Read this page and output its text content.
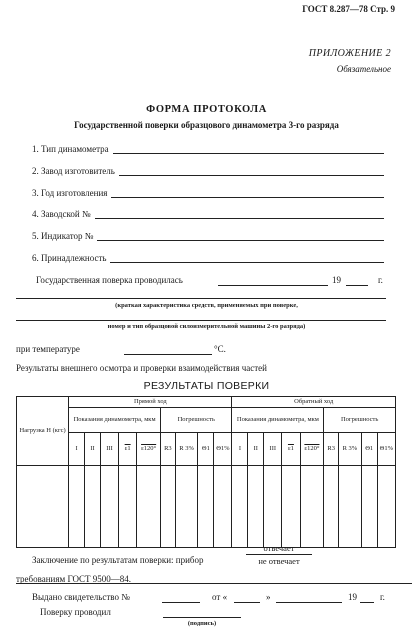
ГОСТ 8.287—78 Стр. 9
ПРИЛОЖЕНИЕ 2
Обязательное
ФОРМА ПРОТОКОЛА
Государственной поверки образцового динамометра 3-го разряда
1. Тип динамометра
2. Завод изготовитель
3. Год изготовления
4. Заводской №
5. Индикатор №
6. Принадлежность
Государственная поверка проводилась	19	г.
(краткая характеристика средств, применяемых при поверке,
номер и тип образцовой силоизмерительной машины 2-го разряда)
при температуре	°C.
Результаты внешнего осмотра и проверки взаимодействия частей
РЕЗУЛЬТАТЫ ПОВЕРКИ
Нагрузка Н (кгс)	Прямой ход									Обратный ход								
	Показания динамометра, мкм					Погрешность				Показания динамометра, мкм					Погрешность			
	I	II	III	ε1	ε120°	R3	R 3%	Θ1	Θ1%	I	II	III	ε1	ε120°	R3	R 3%	Θ1	Θ1%

Заключение по результатам поверки: прибор
отвечает
не отвечает
требованиям ГОСТ 9500—84.
Выдано свидетельство №	от «	»	19	г.
Поверку проводил
(подпись)
